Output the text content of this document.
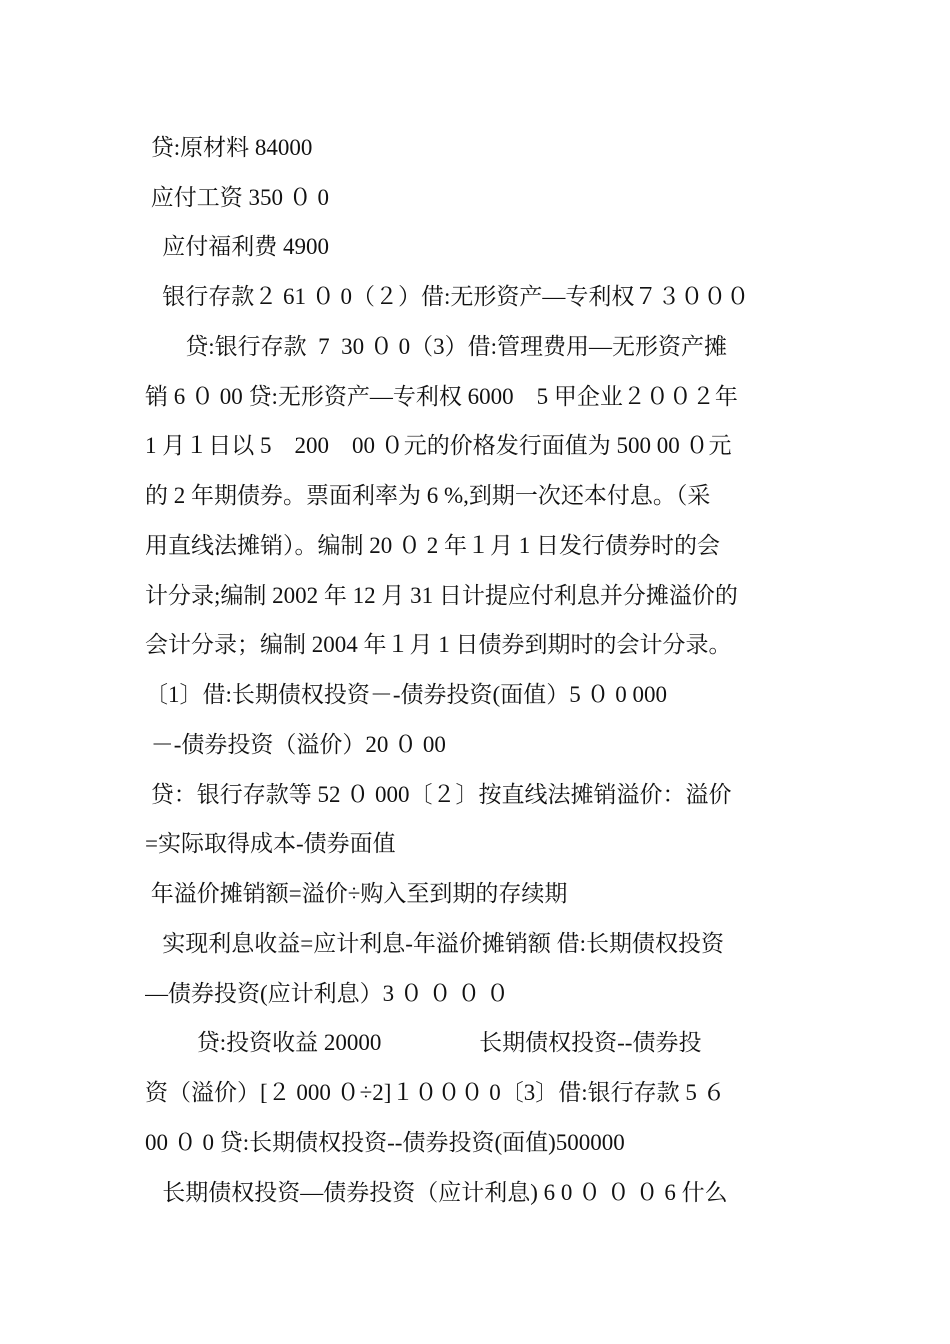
贷:原材料 84000
应付工资 350 ０ 0
应付福利费 4900
银行存款２ 61 ０ 0（２）借:无形资产—专利权７３０００
贷:银行存款  7  30 ０ 0（3）借:管理费用—无形资产摊
销 6 ０ 00 贷:无形资产—专利权 6000    5 甲企业２００２年
1 月１日以 5    200    00 ０元的价格发行面值为 500 00 ０元
的 2 年期债券。票面利率为 6 %,到期一次还本付息。（采
用直线法摊销）。编制 20 ０ 2 年１月 1 日发行债券时的会
计分录;编制 2002 年 12 月 31 日计提应付利息并分摊溢价的
会计分录；编制 2004 年１月 1 日债券到期时的会计分录。
〔1〕借:长期债权投资－-债券投资(面值）5 ０ 0 000
－-债券投资（溢价）20 ０ 00
贷：银行存款等 52 ０ 000〔２〕按直线法摊销溢价：溢价
=实际取得成本-债券面值
年溢价摊销额=溢价÷购入至到期的存续期
实现利息收益=应计利息-年溢价摊销额 借:长期债权投资
—债券投资(应计利息）3 ０ ０ ０ ０
贷:投资收益 20000                 长期债权投资--债券投
资（溢价）[２ 000 ０÷2]１０００ 0〔3〕借:银行存款 5 ６
00 ０ 0 贷:长期债权投资--债券投资(面值)500000
长期债权投资—债券投资（应计利息) 6 0 ０ ０ ０ 6 什么
